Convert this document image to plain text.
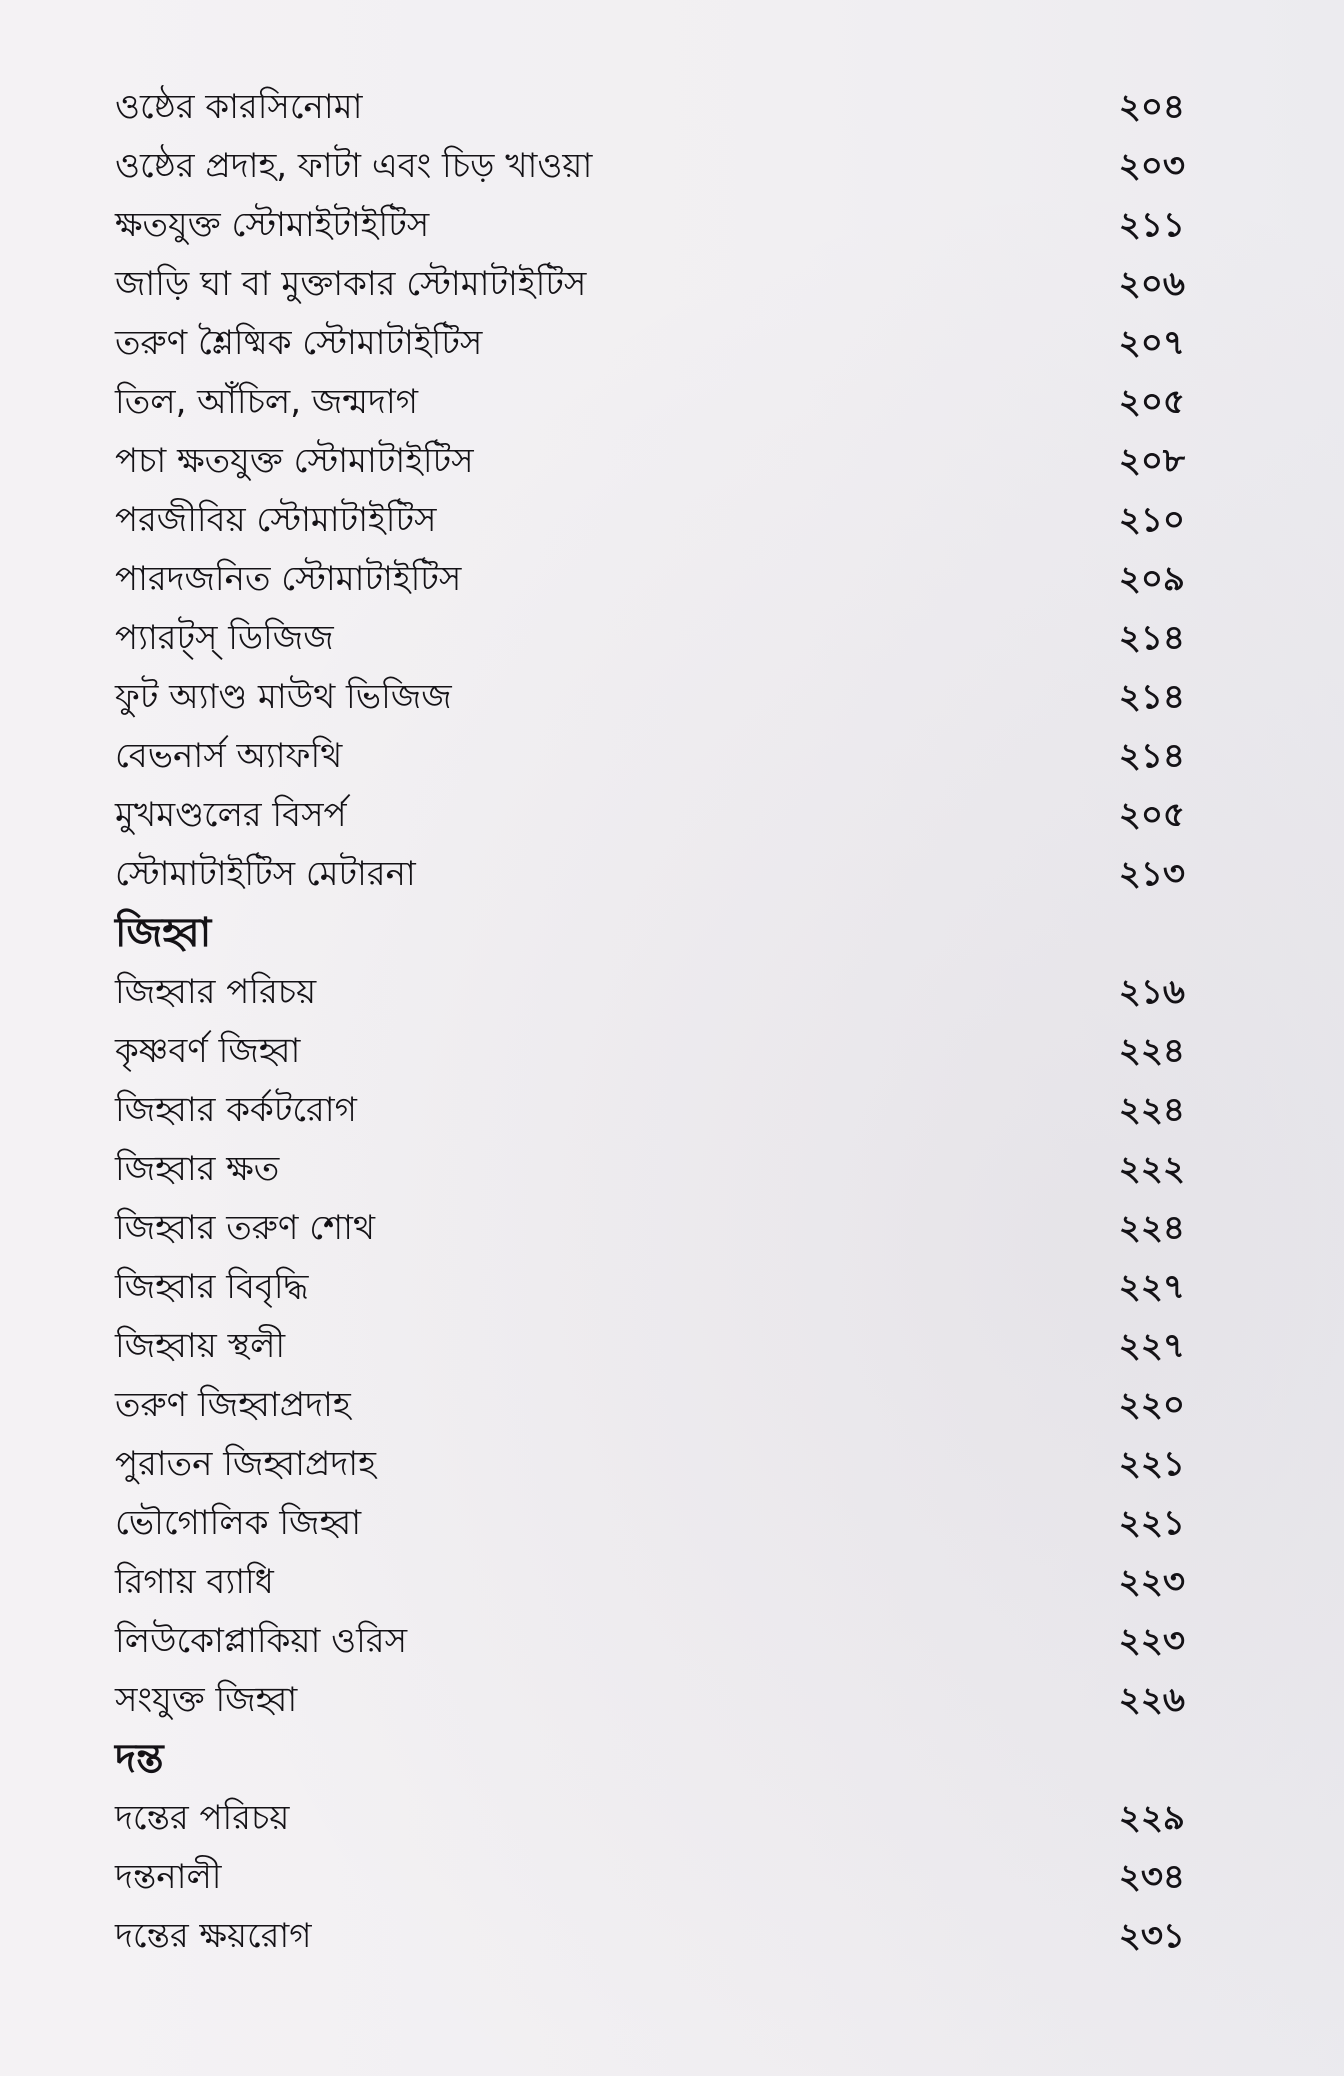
ওষ্ঠের কারসিনোমা	২০৪
ওষ্ঠের প্রদাহ, ফাটা এবং চিড় খাওয়া	২০৩
ক্ষতযুক্ত স্টোমাইটাইটিস	২১১
জাড়ি ঘা বা মুক্তাকার স্টোমাটাইটিস	২০৬
তরুণ শ্লৈষ্মিক স্টোমাটাইটিস	২০৭
তিল, আঁচিল, জন্মদাগ	২০৫
পচা ক্ষতযুক্ত স্টোমাটাইটিস	২০৮
পরজীবিয় স্টোমাটাইটিস	২১০
পারদজনিত স্টোমাটাইটিস	২০৯
প্যারট্স্ ডিজিজ	২১৪
ফুট অ্যাণ্ড মাউথ ভিজিজ	২১৪
বেভনার্স অ্যাফথি	২১৪
মুখমণ্ডলের বিসর্প	২০৫
স্টোমাটাইটিস মেটারনা	২১৩
জিহ্বা
জিহ্বার পরিচয়	২১৬
কৃষ্ণবর্ণ জিহ্বা	২২৪
জিহ্বার কর্কটরোগ	২২৪
জিহ্বার ক্ষত	২২২
জিহ্বার তরুণ শোথ	২২৪
জিহ্বার বিবৃদ্ধি	২২৭
জিহ্বায় স্থলী	২২৭
তরুণ জিহ্বাপ্রদাহ	২২০
পুরাতন জিহ্বাপ্রদাহ	২২১
ভৌগোলিক জিহ্বা	২২১
রিগায় ব্যাধি	২২৩
লিউকোপ্লাকিয়া ওরিস	২২৩
সংযুক্ত জিহ্বা	২২৬
দন্ত
দন্তের পরিচয়	২২৯
দন্তনালী	২৩৪
দন্তের ক্ষয়রোগ	২৩১
